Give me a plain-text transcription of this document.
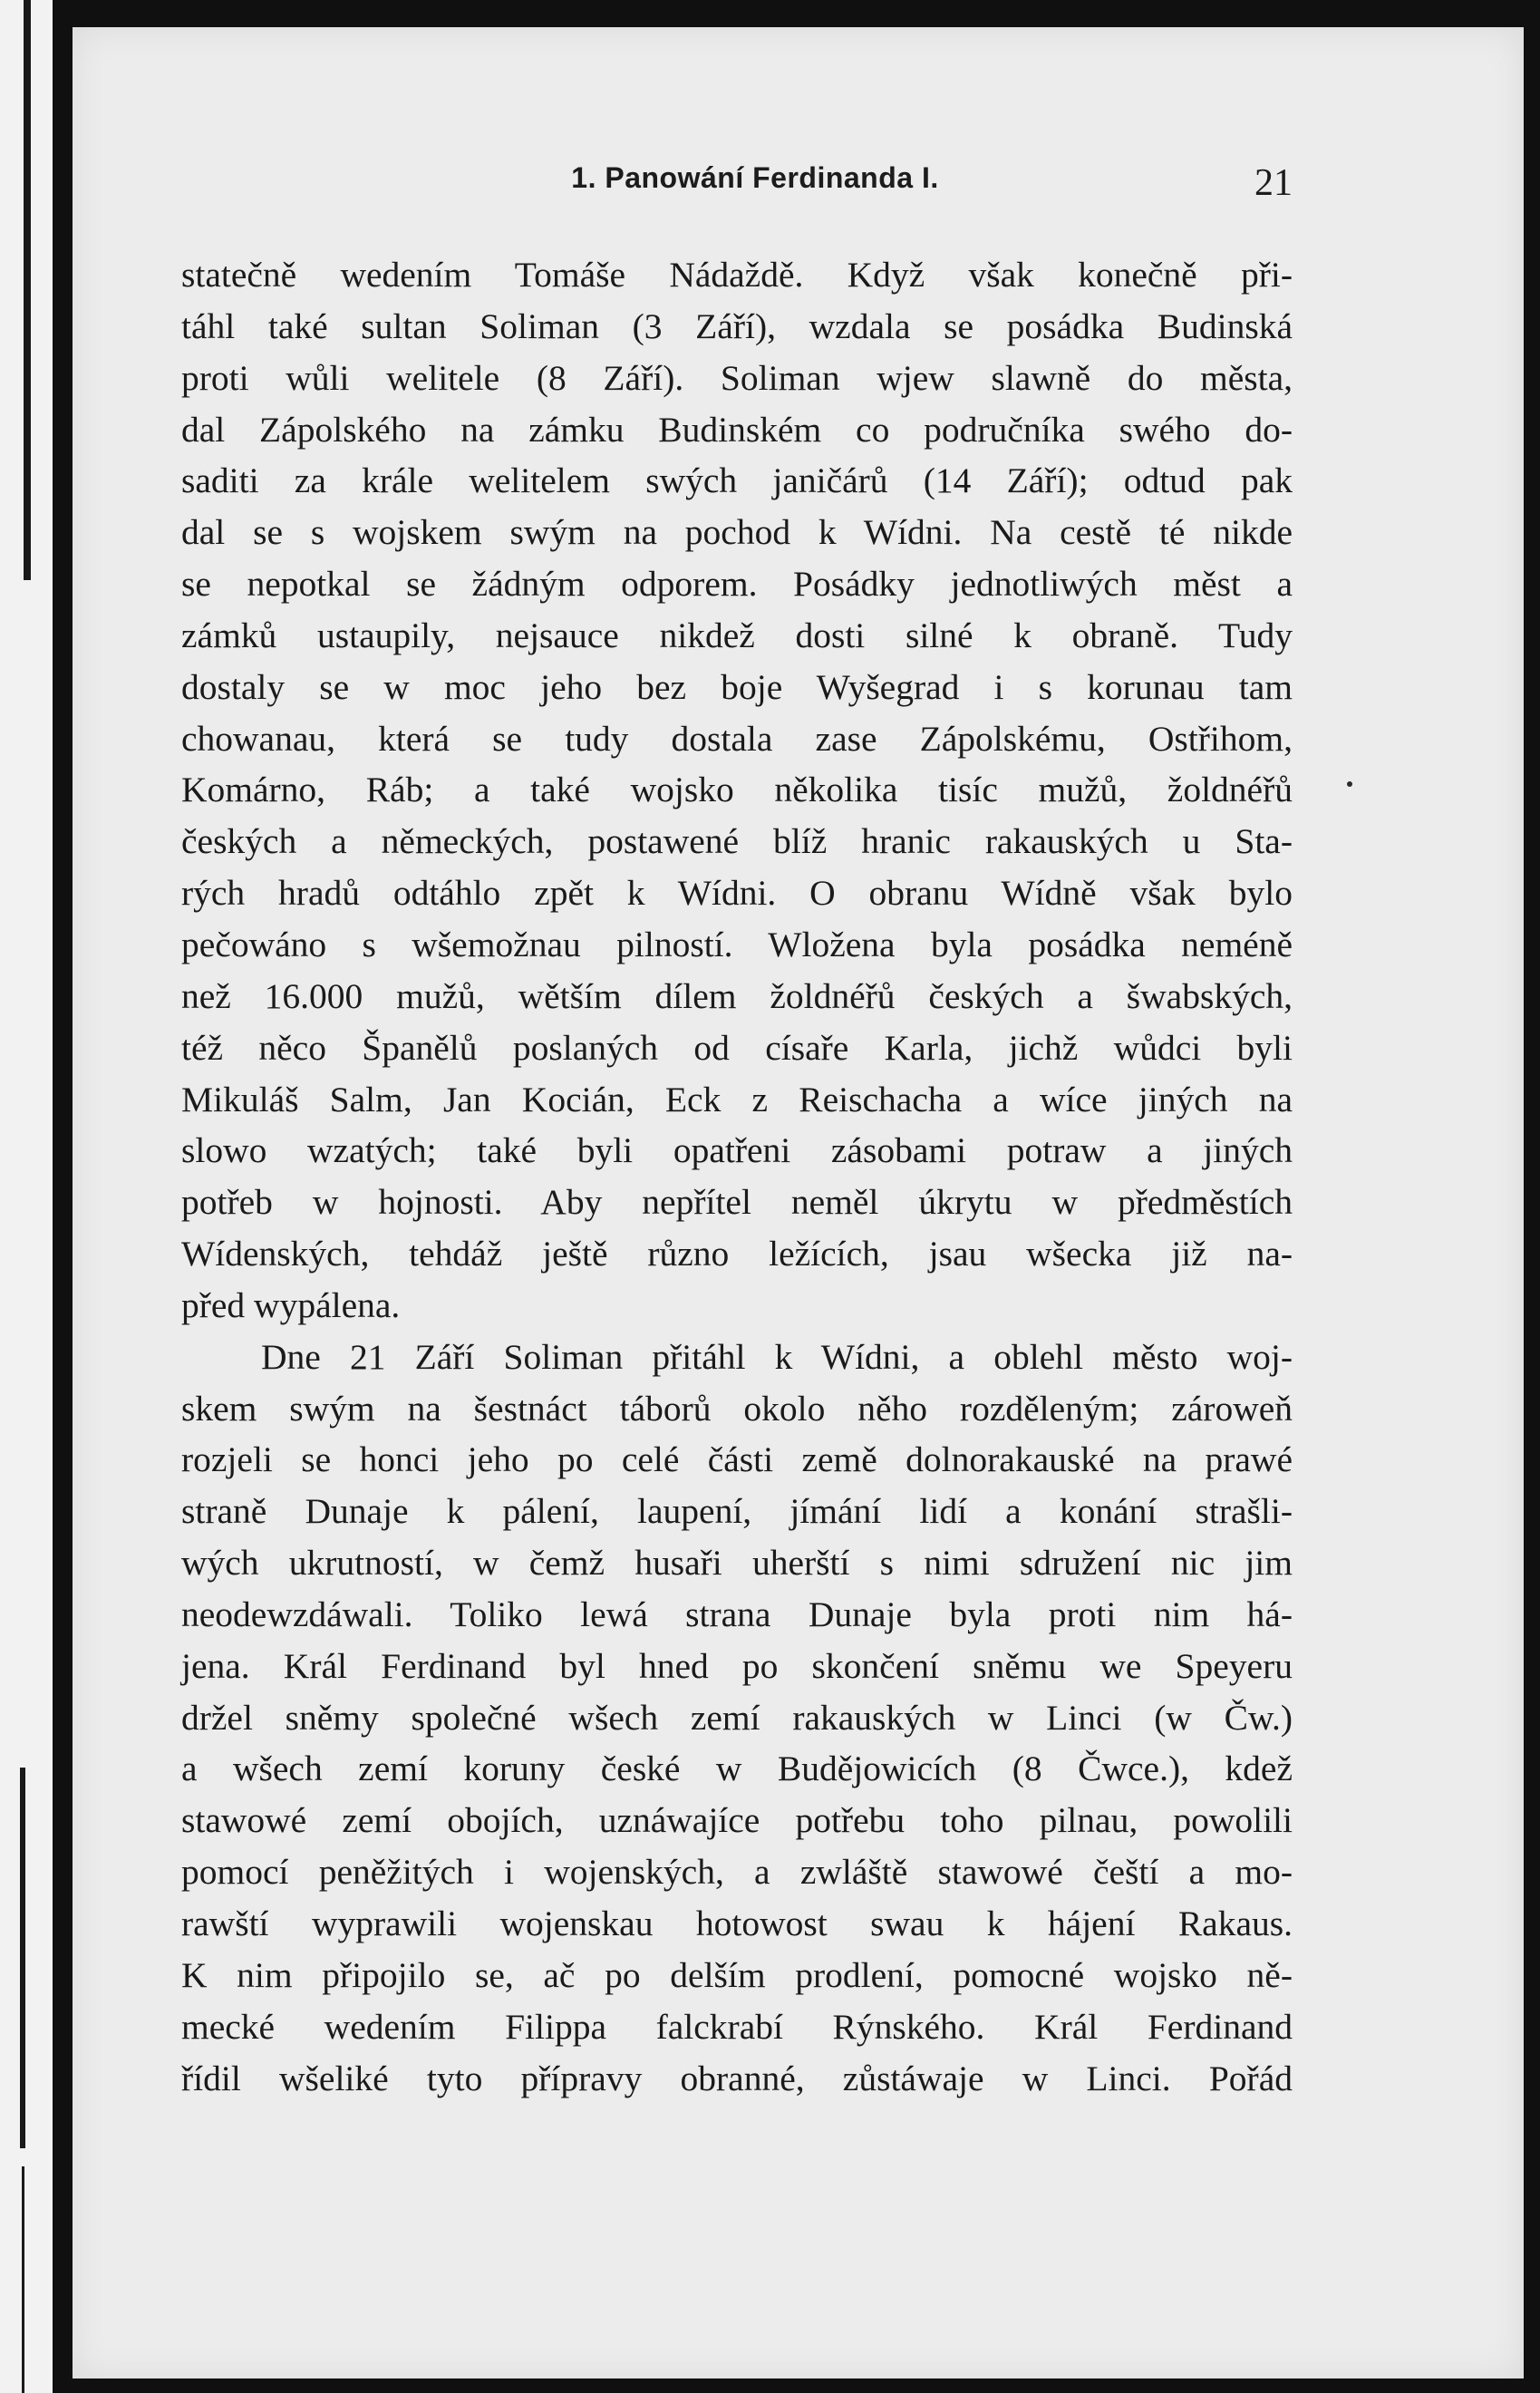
1. Panowání Ferdinanda I.	21
statečně wedením Tomáše Nádaždě. Když však konečně při-
táhl také sultan Soliman (3 Září), wzdala se posádka Budinská
proti wůli welitele (8 Září). Soliman wjew slawně do města,
dal Zápolského na zámku Budinském co područníka swého do-
saditi za krále welitelem swých janičárů (14 Září); odtud pak
dal se s wojskem swým na pochod k Wídni. Na cestě té nikde
se nepotkal se žádným odporem. Posádky jednotliwých měst a
zámků ustaupily, nejsauce nikdež dosti silné k obraně. Tudy
dostaly se w moc jeho bez boje Wyšegrad i s korunau tam
chowanau, která se tudy dostala zase Zápolskému, Ostřihom,
Komárno, Ráb; a také wojsko několika tisíc mužů, žoldnéřů
českých a německých, postawené blíž hranic rakauských u Sta-
rých hradů odtáhlo zpět k Wídni. O obranu Wídně však bylo
pečowáno s wšemožnau pilností. Wložena byla posádka neméně
než 16.000 mužů, wětším dílem žoldnéřů českých a šwabských,
též něco Španělů poslaných od císaře Karla, jichž wůdci byli
Mikuláš Salm, Jan Kocián, Eck z Reischacha a wíce jiných na
slowo wzatých; také byli opatřeni zásobami potraw a jiných
potřeb w hojnosti. Aby nepřítel neměl úkrytu w předměstích
Wídenských, tehdáž ještě různo ležících, jsau wšecka již na-
před wypálena.
Dne 21 Září Soliman přitáhl k Wídni, a oblehl město woj-
skem swým na šestnáct táborů okolo něho rozděleným; zároweň
rozjeli se honci jeho po celé části země dolnorakauské na prawé
straně Dunaje k pálení, laupení, jímání lidí a konání strašli-
wých ukrutností, w čemž husaři uherští s nimi sdružení nic jim
neodewzdáwali. Toliko lewá strana Dunaje byla proti nim há-
jena. Král Ferdinand byl hned po skončení sněmu we Speyeru
držel sněmy společné wšech zemí rakauských w Linci (w Čw.)
a wšech zemí koruny české w Budějowicích (8 Čwce.), kdež
stawowé zemí obojích, uznáwajíce potřebu toho pilnau, powolili
pomocí peněžitých i wojenských, a zwláště stawowé čeští a mo-
rawští wyprawili wojenskau hotowost swau k hájení Rakaus.
K nim připojilo se, ač po delším prodlení, pomocné wojsko ně-
mecké wedením Filippa falckrabí Rýnského. Král Ferdinand
řídil wšeliké tyto přípravy obranné, zůstáwaje w Linci. Pořád
